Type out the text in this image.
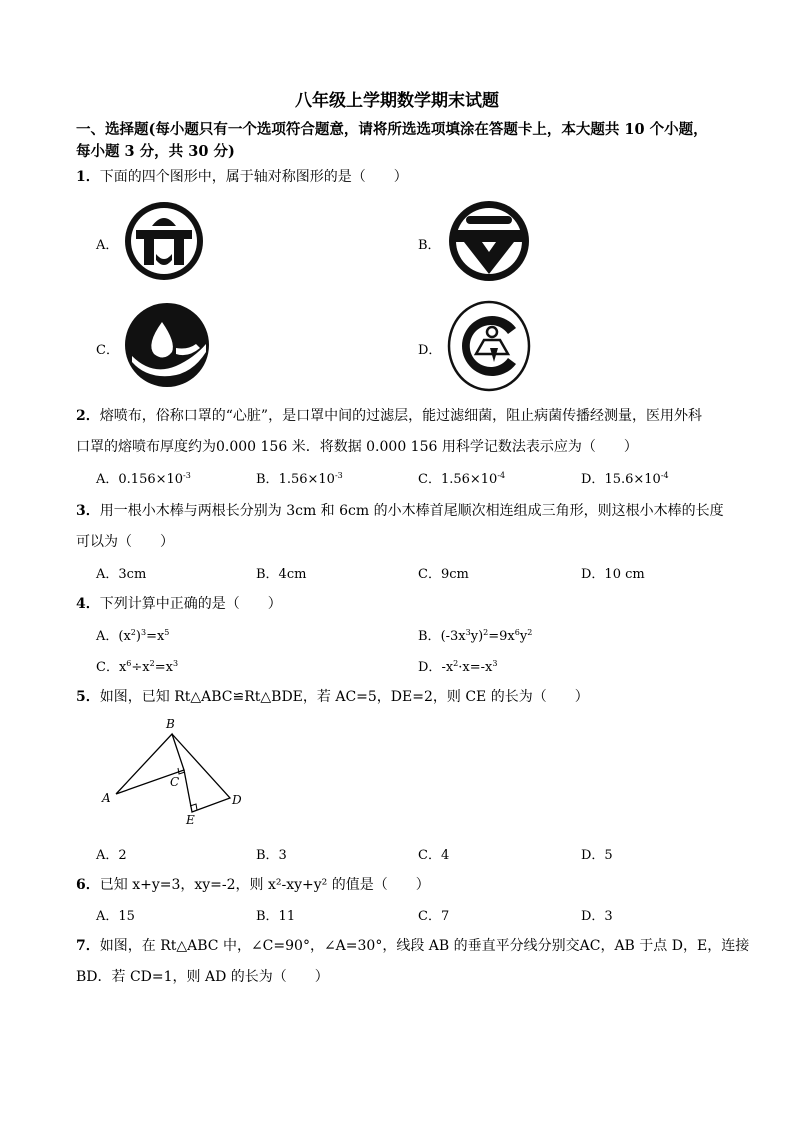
八年级上学期数学期末试题
一、选择题(每小题只有一个选项符合题意，请将所选选项填涂在答题卡上，本大题共 10 个小题，
每小题 3 分，共 30 分)
1．下面的四个图形中，属于轴对称图形的是（　　）
A．	B．
C．	D．
2．熔喷布，俗称口罩的“心脏”，是口罩中间的过滤层，能过滤细菌，阻止病菌传播经测量，医用外科
口罩的熔喷布厚度约为0.000 156 米．将数据 0.000 156 用科学记数法表示应为（　　）
A．$0.156\times 10^{-3}$	B．$1.56\times 10^{-3}$	C．$1.56\times 10^{-4}$	D．$15.6\times 10^{-4}$
3．用一根小木棒与两根长分别为 3cm 和 6cm 的小木棒首尾顺次相连组成三角形，则这根小木棒的长度
可以为（　　）
A．3cm	B．4cm	C．9cm	D．10 cm
4．下列计算中正确的是（　　）
A．$(x^2)^3=x^5$	B．$(-3x^3y)^2=9x^6y^2$
C．$x^6\div x^2=x^3$	D．$-x^2\cdot x=-x^3$
5．如图，已知 Rt△ABC≌Rt△BDE，若 AC=5，DE=2，则 CE 的长为（　　）
B
A
C
D
E
A．2	B．3	C．4	D．5
6．已知 x+y=3，xy=-2，则 x²-xy+y² 的值是（　　）
A．15	B．11	C．7	D．3
7．如图，在 Rt△ABC 中，∠C=90°，∠A=30°，线段 AB 的垂直平分线分别交AC，AB 于点 D，E，连接
BD．若 CD=1，则 AD 的长为（　　）
